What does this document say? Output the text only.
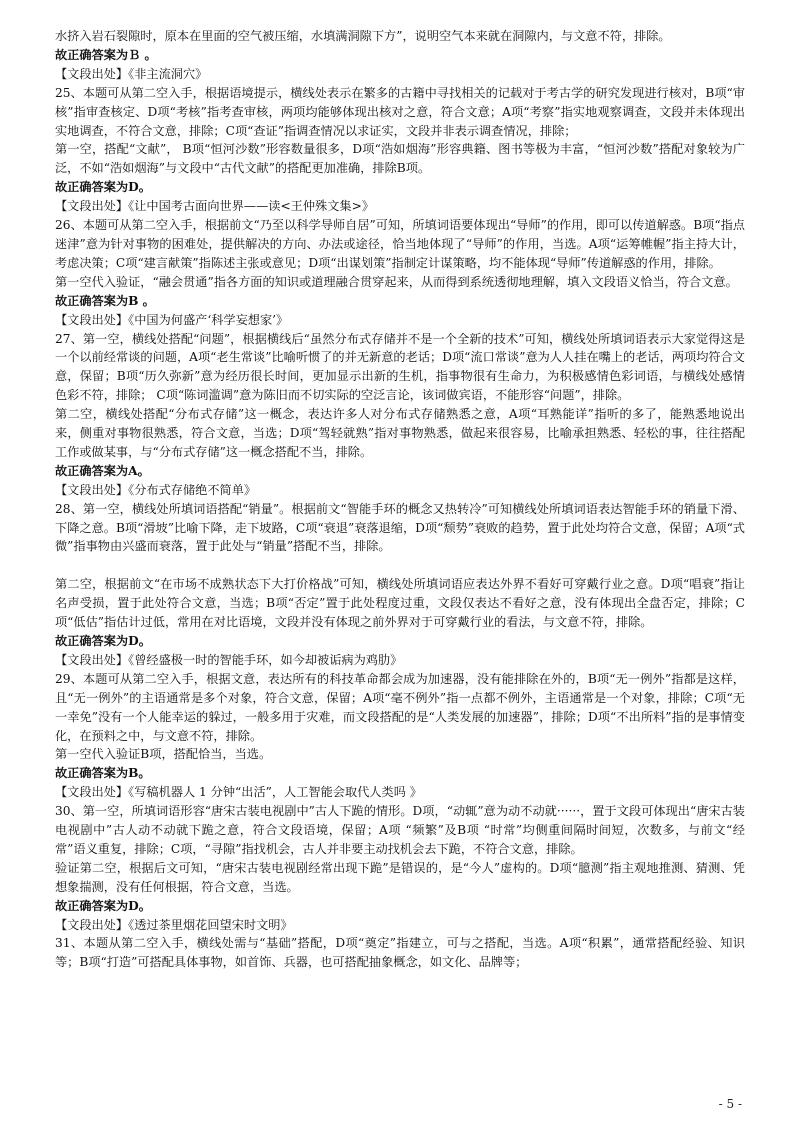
水挤入岩石裂隙时，原本在里面的空气被压缩，水填满洞隙下方”，说明空气本来就在洞隙内，与文意不符，排除。

故正确答案为Ｂ 。

【文段出处】《非主流洞穴》

25、本题可从第二空入手，根据语境提示，横线处表示在繁多的古籍中寻找相关的记载对于考古学的研究发现进行核对，B项“审核”指审查核定、D项“考核”指考查审核，两项均能够体现出核对之意，符合文意；A项“考察”指实地观察调查，文段并未体现出实地调查，不符合文意，排除；C项“查证”指调查情况以求证实，文段并非表示调查情况，排除；

第一空，搭配“文献”， B项“恒河沙数”形容数量很多，D项“浩如烟海”形容典籍、图书等极为丰富，“恒河沙数”搭配对象较为广泛，不如“浩如烟海”与文段中“古代文献”的搭配更加准确，排除B项。

故正确答案为D。

【文段出处】《让中国考古面向世界——读<王仲殊文集>》

26、本题可从第二空入手，根据前文“乃至以科学导师自居”可知，所填词语要体现出“导师”的作用，即可以传道解惑。B项“指点迷津”意为针对事物的困难处，提供解决的方向、办法或途径，恰当地体现了“导师”的作用，当选。A项“运筹帷幄”指主持大计，考虑决策；C项“建言献策”指陈述主张或意见；D项“出谋划策”指制定计谋策略，均不能体现“导师”传道解惑的作用，排除。

第一空代入验证，“融会贯通”指各方面的知识或道理融合贯穿起来，从而得到系统透彻地理解，填入文段语义恰当，符合文意。

故正确答案为B 。

【文段出处】《中国为何盛产‘科学妄想家’》

27、第一空，横线处搭配“问题”，根据横线后“虽然分布式存储并不是一个全新的技术”可知，横线处所填词语表示大家觉得这是一个以前经常谈的问题，A项“老生常谈”比喻听惯了的并无新意的老话；D项“流口常谈”意为人人挂在嘴上的老话，两项均符合文意，保留；B项“历久弥新”意为经历很长时间，更加显示出新的生机，指事物很有生命力，为积极感情色彩词语，与横线处感情色彩不符，排除； C项“陈词滥调”意为陈旧而不切实际的空泛言论，该词做宾语，不能形容“问题”，排除。

第二空，横线处搭配“分布式存储”这一概念，表达许多人对分布式存储熟悉之意，A项“耳熟能详”指听的多了，能熟悉地说出来，侧重对事物很熟悉，符合文意，当选；D项“驾轻就熟”指对事物熟悉，做起来很容易，比喻承担熟悉、轻松的事，往往搭配工作或做某事，与“分布式存储”这一概念搭配不当，排除。

故正确答案为A。

【文段出处】《分布式存储绝不简单》

28、第一空，横线处所填词语搭配“销量”。根据前文“智能手环的概念又热转冷”可知横线处所填词语表达智能手环的销量下滑、下降之意。B项“滑坡”比喻下降，走下坡路，C项“衰退”衰落退缩，D项“颓势”衰败的趋势，置于此处均符合文意，保留；A项“式微”指事物由兴盛而衰落，置于此处与“销量”搭配不当，排除。

第二空，根据前文“在市场不成熟状态下大打价格战”可知，横线处所填词语应表达外界不看好可穿戴行业之意。D项“唱衰”指让名声受损，置于此处符合文意，当选；B项“否定”置于此处程度过重，文段仅表达不看好之意，没有体现出全盘否定，排除；C项“低估”指估计过低，常用在对比语境，文段并没有体现之前外界对于可穿戴行业的看法，与文意不符，排除。

故正确答案为D。

【文段出处】《曾经盛极一时的智能手环，如今却被诟病为鸡肋》

29、本题可从第二空入手，根据文意，表达所有的科技革命都会成为加速器，没有能排除在外的，B项“无一例外”指都是这样，且“无一例外”的主语通常是多个对象，符合文意，保留；A项“毫不例外”指一点都不例外，主语通常是一个对象，排除；C项“无一幸免”没有一个人能幸运的躲过，一般多用于灾难，而文段搭配的是“人类发展的加速器”，排除；D项“不出所料”指的是事情变化，在预料之中，与文意不符，排除。

第一空代入验证B项，搭配恰当，当选。

故正确答案为B。

【文段出处】《写稿机器人 1 分钟“出活”，人工智能会取代人类吗 》

30、第一空，所填词语形容“唐宋古装电视剧中”古人下跪的情形。D项，“动辄”意为动不动就······，置于文段可体现出“唐宋古装电视剧中”古人动不动就下跪之意，符合文段语境，保留；A项 “频繁”及B项 “时常”均侧重间隔时间短，次数多，与前文“经常”语义重复，排除；C项，“寻隙”指找机会，古人并非要主动找机会去下跪，不符合文意，排除。

验证第二空，根据后文可知，“唐宋古装电视剧经常出现下跪”是错误的，是“今人”虚构的。D项“臆测”指主观地推测、猜测、凭想象揣测，没有任何根据，符合文意，当选。

故正确答案为D。

【文段出处】《透过茶里烟花回望宋时文明》

31、本题从第二空入手，横线处需与“基础”搭配，D项“奠定”指建立，可与之搭配，当选。A项“积累”，通常搭配经验、知识等；B项“打造”可搭配具体事物，如首饰、兵器，也可搭配抽象概念，如文化、品牌等；

- 5 -
